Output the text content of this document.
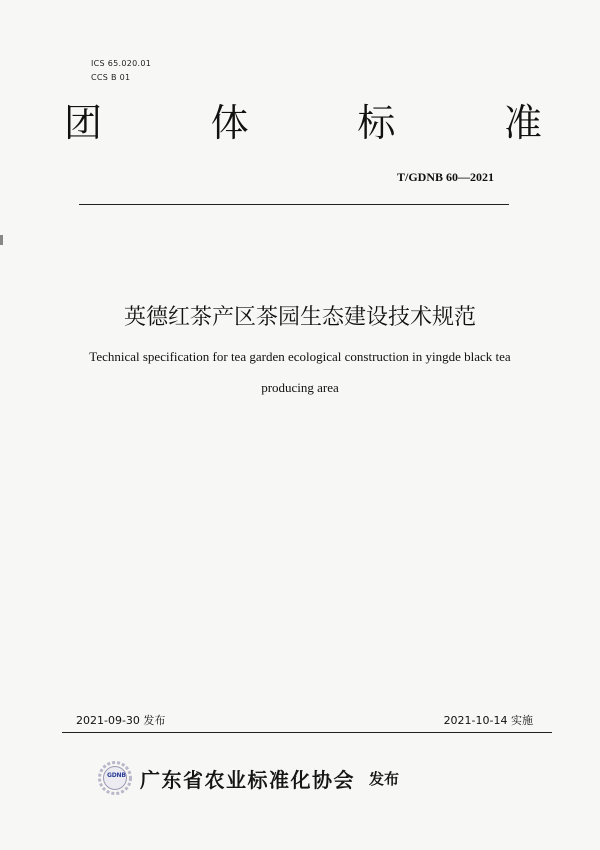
ICS 65.020.01
CCS B 01
团	体	标	准
T/GDNB 60—2021
英德红茶产区茶园生态建设技术规范
Technical specification for tea garden ecological construction in yingde black tea
producing area
2021-09-30 发布	2021-10-14 实施
GDNB 广东省农业标准化协会 发布
